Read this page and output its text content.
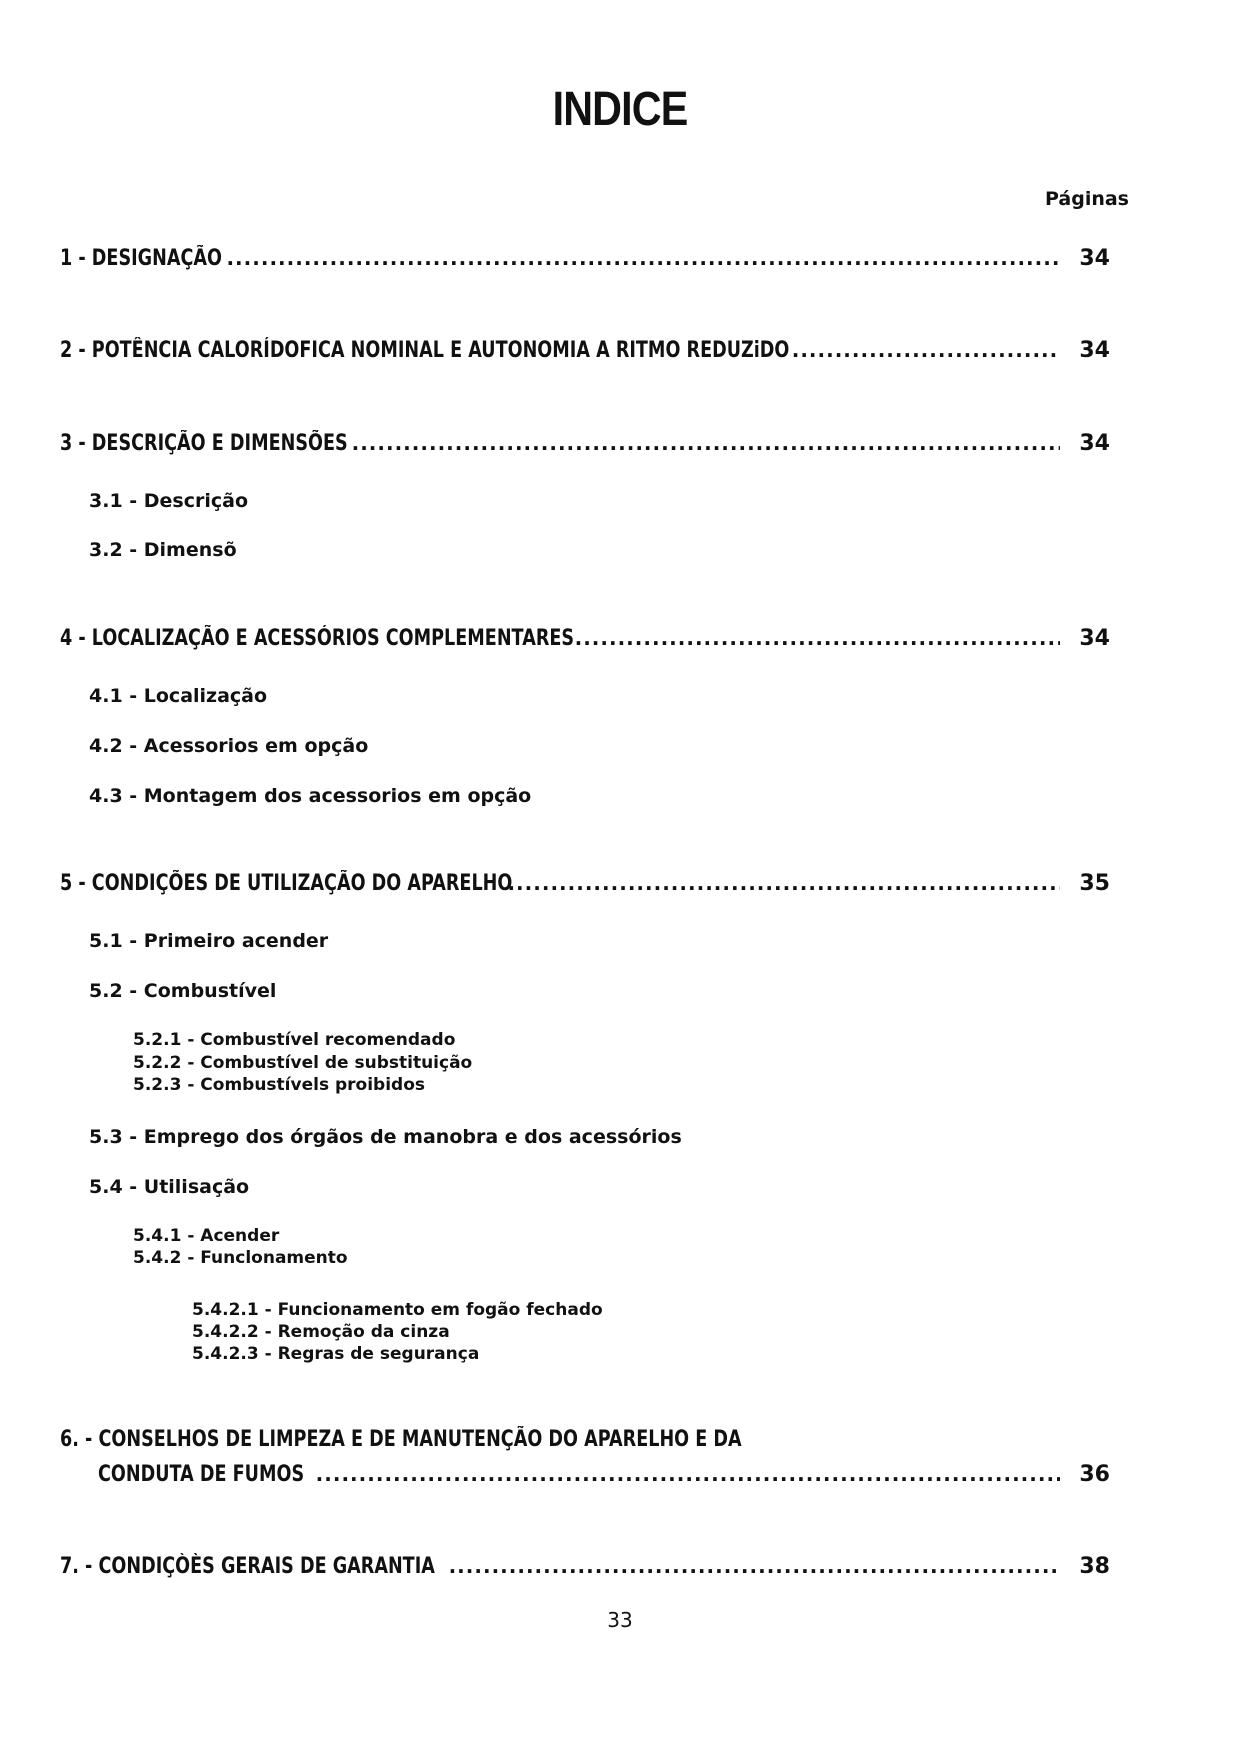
INDICE
Páginas
1 - DESIGNAÇÃO .....	34
2 - POTÊNCIA CALORÍDOFICA NOMINAL E AUTONOMIA A RITMO REDUZiDO .....	34
3 - DESCRIÇÃO E DIMENSÕES .....	34
3.1 - Descrição
3.2 - Dimensõ
4 - LOCALIZAÇÃO E ACESSÓRIOS COMPLEMENTARES .....	34
4.1 - Localização
4.2 - Acessorios em opção
4.3 - Montagem dos acessorios em opção
5 - CONDIÇÕES DE UTILIZAÇÃO DO APARELHO .....	35
5.1 - Primeiro acender
5.2 - Combustível
5.2.1 - Combustível recomendado
5.2.2 - Combustível de substituição
5.2.3 - Combustívels proibidos
5.3 - Emprego dos órgãos de manobra e dos acessórios
5.4 - Utilisação
5.4.1 - Acender
5.4.2 - Funclonamento
5.4.2.1 - Funcionamento em fogão fechado
5.4.2.2 - Remoção da cinza
5.4.2.3 - Regras de segurança
6. - CONSELHOS DE LIMPEZA E DE MANUTENÇÃO DO APARELHO E DA
CONDUTA DE FUMOS .....	36
7. - CONDIÇÒÈS GERAIS DE GARANTIA .....	38
33
